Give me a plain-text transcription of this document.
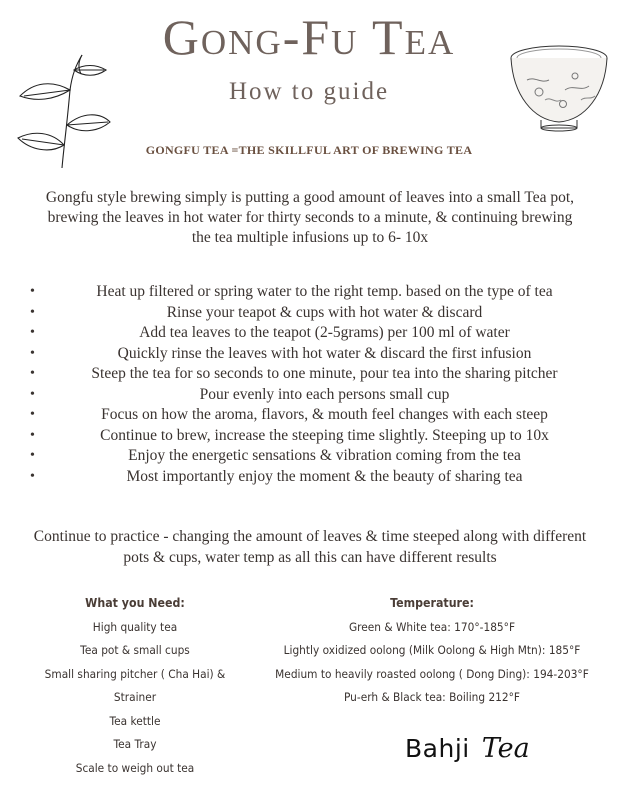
Gong-Fu Tea
How to guide
GONGFU TEA =THE SKILLFUL ART OF BREWING TEA
Gongfu style brewing simply is putting a good amount of leaves into a small Tea pot, brewing the leaves in hot water for thirty seconds to a minute, & continuing brewing the tea multiple infusions up to 6- 10x
• Heat up filtered or spring water to the right temp. based on the type of tea
• Rinse your teapot & cups with hot water & discard
• Add tea leaves to the teapot (2-5grams) per 100 ml of water
• Quickly rinse the leaves with hot water & discard the first infusion
• Steep the tea for so seconds to one minute, pour tea into the sharing pitcher
• Pour evenly into each persons small cup
• Focus on how the aroma, flavors, & mouth feel changes with each steep
• Continue to brew, increase the steeping time slightly. Steeping up to 10x
• Enjoy the energetic sensations & vibration coming from the tea
• Most importantly enjoy the moment & the beauty of sharing tea
Continue to practice - changing the amount of leaves & time steeped along with different pots & cups, water temp as all this can have different results
What you Need:
High quality tea
Tea pot & small cups
Small sharing pitcher ( Cha Hai) &
Strainer
Tea kettle
Tea Tray
Scale to weigh out tea
Temperature:
Green & White tea: 170°-185°F
Lightly oxidized oolong (Milk Oolong & High Mtn): 185°F
Medium to heavily roasted oolong ( Dong Ding): 194-203°F
Pu-erh & Black tea: Boiling 212°F
Bahji Tea
